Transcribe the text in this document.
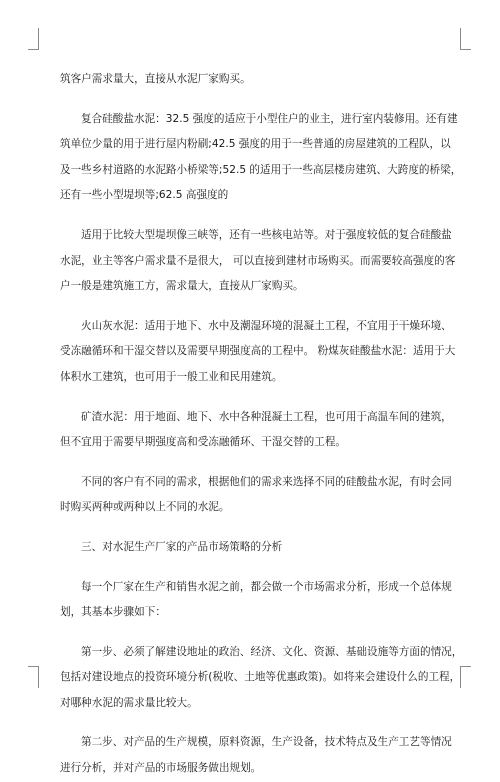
筑客户需求量大，直接从水泥厂家购买。

复合硅酸盐水泥：32.5 强度的适应于小型住户的业主，进行室内装修用。还有建

筑单位少量的用于进行屋内粉刷;42.5 强度的用于一些普通的房屋建筑的工程队，以

及一些乡村道路的水泥路小桥梁等;52.5 的适用于一些高层楼房建筑、大跨度的桥梁，

还有一些小型堤坝等;62.5 高强度的

适用于比较大型堤坝像三峡等，还有一些核电站等。对于强度较低的复合硅酸盐

水泥，业主等客户需求量不是很大， 可以直接到建材市场购买。而需要较高强度的客

户一般是建筑施工方，需求量大，直接从厂家购买。

火山灰水泥：适用于地下、水中及潮湿环境的混凝土工程，不宜用于干燥环境、

受冻融循环和干湿交替以及需要早期强度高的工程中。 粉煤灰硅酸盐水泥：适用于大

体积水工建筑，也可用于一般工业和民用建筑。

矿渣水泥：用于地面、地下、水中各种混凝土工程，也可用于高温车间的建筑，

但不宜用于需要早期强度高和受冻融循环、干湿交替的工程。

不同的客户有不同的需求，根据他们的需求来选择不同的硅酸盐水泥，有时会同

时购买两种或两种以上不同的水泥。

三、对水泥生产厂家的产品市场策略的分析

每一个厂家在生产和销售水泥之前，都会做一个市场需求分析，形成一个总体规

划，其基本步骤如下：

第一步、必须了解建设地址的政治、经济、文化、资源、基础设施等方面的情况，

包括对建设地点的投资环境分析(税收、土地等优惠政策)。如将来会建设什么的工程，

对哪种水泥的需求量比较大。

第二步、对产品的生产规模，原料资源，生产设备，技术特点及生产工艺等情况

进行分析，并对产品的市场服务做出规划。
